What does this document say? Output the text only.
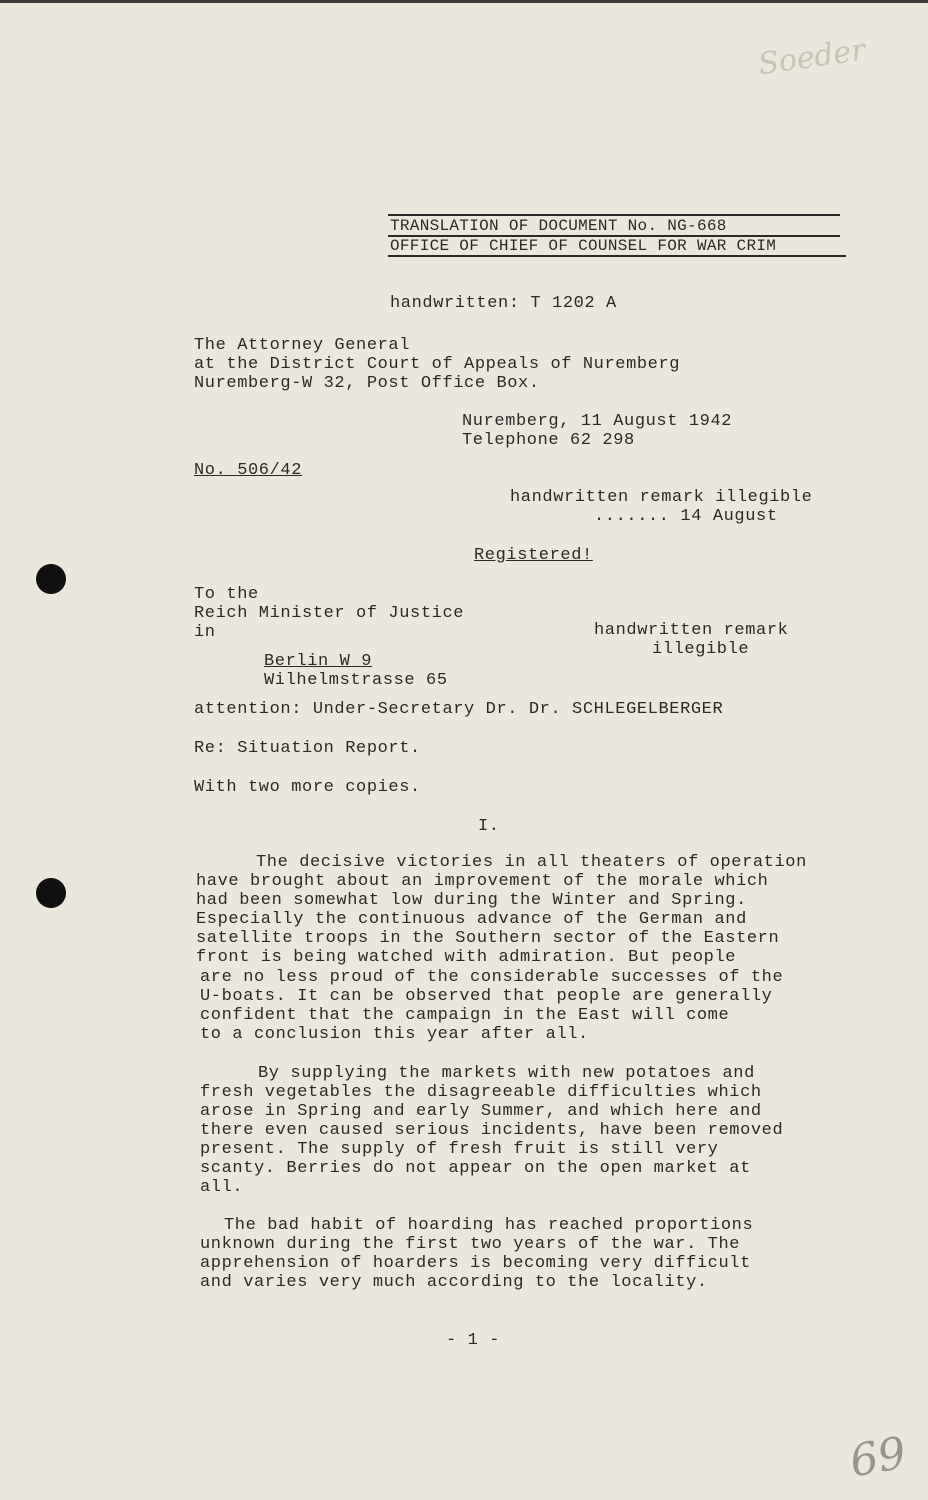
Soeder
TRANSLATION OF DOCUMENT No. NG-668
OFFICE OF CHIEF OF COUNSEL FOR WAR CRIM
handwritten: T 1202 A
The Attorney General
at the District Court of Appeals of Nuremberg
Nuremberg-W 32, Post Office Box.
Nuremberg, 11 August 1942
Telephone 62 298
No. 506/42
handwritten remark illegible
....... 14 August
Registered!
To the
Reich Minister of Justice
in
Berlin W 9
Wilhelmstrasse 65
handwritten remark
illegible
attention: Under-Secretary Dr. Dr. SCHLEGELBERGER
Re: Situation Report.
With two more copies.
I.
The decisive victories in all theaters of operation
have brought about an improvement of the morale which
had been somewhat low during the Winter and Spring.
Especially the continuous advance of the German and
satellite troops in the Southern sector of the Eastern
front is being watched with admiration. But people
are no less proud of the considerable successes of the
U-boats. It can be observed that people are generally
confident that the campaign in the East will come
to a conclusion this year after all.
By supplying the markets with new potatoes and
fresh vegetables the disagreeable difficulties which
arose in Spring and early Summer, and which here and
there even caused serious incidents, have been removed
present. The supply of fresh fruit is still very
scanty. Berries do not appear on the open market at
all.
The bad habit of hoarding has reached proportions
unknown during the first two years of the war. The
apprehension of hoarders is becoming very difficult
and varies very much according to the locality.
- 1 -
69
